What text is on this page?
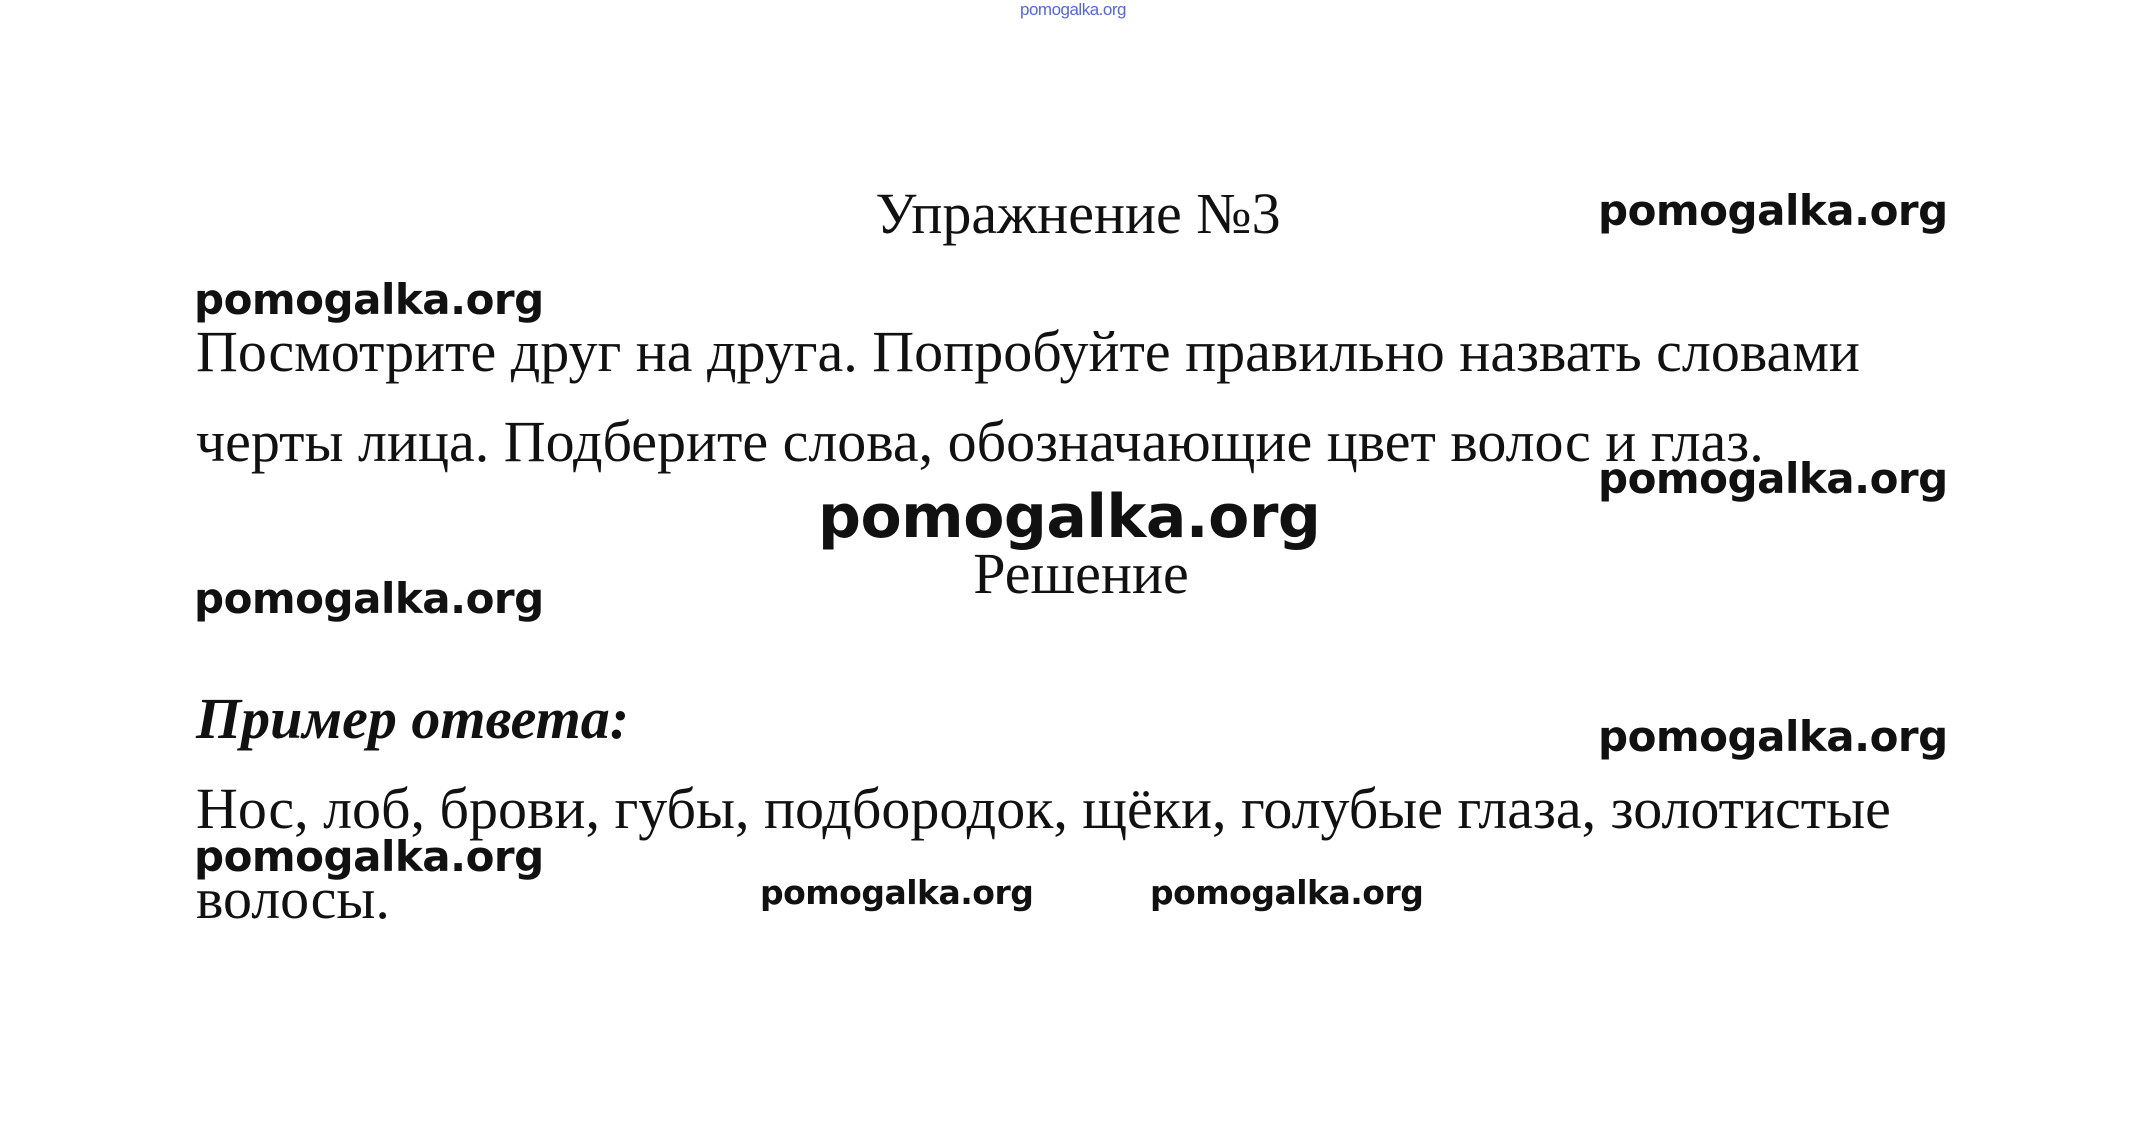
pomogalka.org
Упражнение №3
Посмотрите друг на друга. Попробуйте правильно назвать словами
черты лица. Подберите слова, обозначающие цвет волос и глаз.
Решение
Пример ответа:
Нос, лоб, брови, губы, подбородок, щёки, голубые глаза, золотистые
волосы.
pomogalka.org
pomogalka.org
pomogalka.org
pomogalka.org
pomogalka.org
pomogalka.org
pomogalka.org
pomogalka.org	pomogalka.org
